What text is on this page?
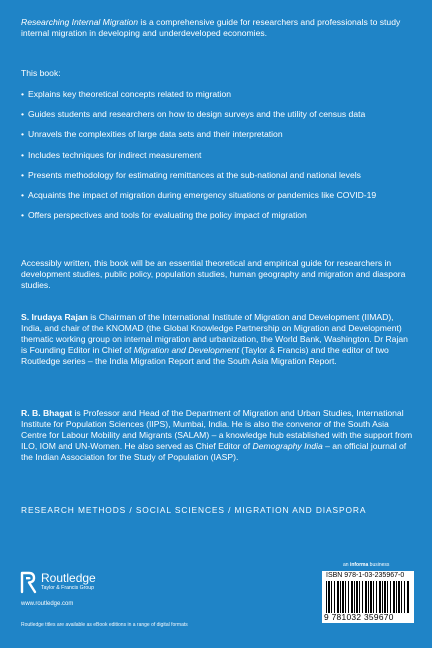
Researching Internal Migration is a comprehensive guide for researchers and professionals to study internal migration in developing and underdeveloped economies.

This book:
• Explains key theoretical concepts related to migration
• Guides students and researchers on how to design surveys and the utility of census data
• Unravels the complexities of large data sets and their interpretation
• Includes techniques for indirect measurement
• Presents methodology for estimating remittances at the sub-national and national levels
• Acquaints the impact of migration during emergency situations or pandemics like COVID-19
• Offers perspectives and tools for evaluating the policy impact of migration

Accessibly written, this book will be an essential theoretical and empirical guide for researchers in development studies, public policy, population studies, human geography and migration and diaspora studies.

S. Irudaya Rajan is Chairman of the International Institute of Migration and Development (IIMAD), India, and chair of the KNOMAD (the Global Knowledge Partnership on Migration and Development) thematic working group on internal migration and urbanization, the World Bank, Washington. Dr Rajan is Founding Editor in Chief of Migration and Development (Taylor & Francis) and the editor of two Routledge series – the India Migration Report and the South Asia Migration Report.

R. B. Bhagat is Professor and Head of the Department of Migration and Urban Studies, International Institute for Population Sciences (IIPS), Mumbai, India. He is also the convenor of the South Asia Centre for Labour Mobility and Migrants (SALAM) – a knowledge hub established with the support from ILO, IOM and UN-Women. He also served as Chief Editor of Demography India – an official journal of the Indian Association for the Study of Population (IASP).

RESEARCH METHODS / SOCIAL SCIENCES / MIGRATION AND DIASPORA
an informa business
ISBN 978-1-03-235967-0
9 781032 359670
Routledge
Taylor & Francis Group
www.routledge.com
Routledge titles are available as eBook editions in a range of digital formats
